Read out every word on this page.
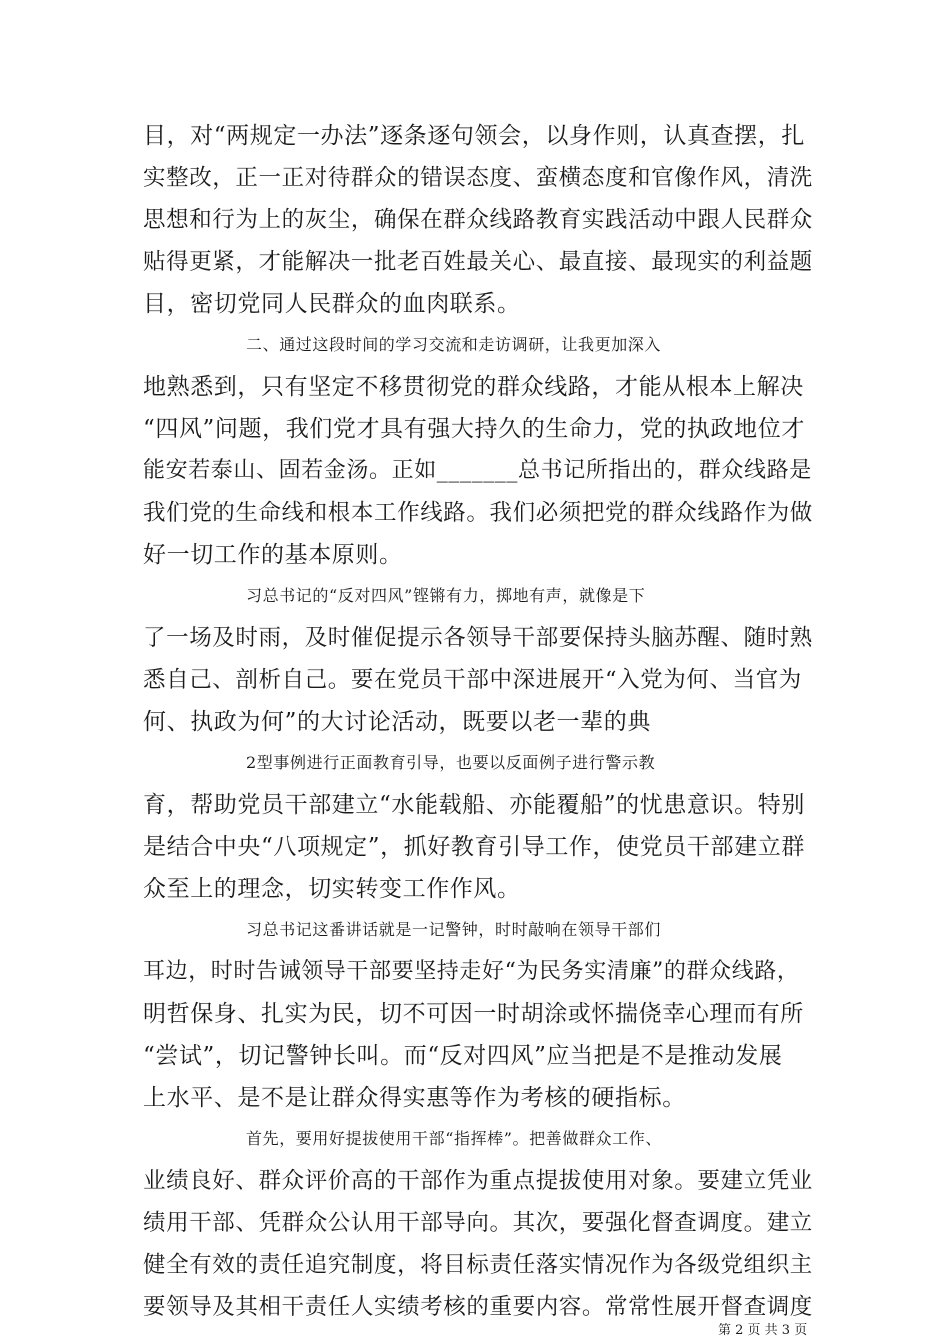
目，对“两规定一办法”逐条逐句领会，以身作则，认真查摆，扎
实整改，正一正对待群众的错误态度、蛮横态度和官像作风，清洗
思想和行为上的灰尘，确保在群众线路教育实践活动中跟人民群众
贴得更紧，才能解决一批老百姓最关心、最直接、最现实的利益题
目，密切党同人民群众的血肉联系。
二、通过这段时间的学习交流和走访调研，让我更加深入
地熟悉到，只有坚定不移贯彻党的群众线路，才能从根本上解决
“四风”问题，我们党才具有强大持久的生命力，党的执政地位才
能安若泰山、固若金汤。正如_______总书记所指出的，群众线路是
我们党的生命线和根本工作线路。我们必须把党的群众线路作为做
好一切工作的基本原则。
习总书记的“反对四风”铿锵有力，掷地有声，就像是下
了一场及时雨，及时催促提示各领导干部要保持头脑苏醒、随时熟
悉自己、剖析自己。要在党员干部中深进展开“入党为何、当官为
何、执政为何”的大讨论活动，既要以老一辈的典
2型事例进行正面教育引导，也要以反面例子进行警示教
育，帮助党员干部建立“水能载船、亦能覆船”的忧患意识。特别
是结合中央“八项规定”，抓好教育引导工作，使党员干部建立群
众至上的理念，切实转变工作作风。
习总书记这番讲话就是一记警钟，时时敲响在领导干部们
耳边，时时告诫领导干部要坚持走好“为民务实清廉”的群众线路，
明哲保身、扎实为民，切不可因一时胡涂或怀揣侥幸心理而有所
“尝试”，切记警钟长叫。而“反对四风”应当把是不是推动发展
上水平、是不是让群众得实惠等作为考核的硬指标。
首先，要用好提拔使用干部“指挥棒”。把善做群众工作、
业绩良好、群众评价高的干部作为重点提拔使用对象。要建立凭业
绩用干部、凭群众公认用干部导向。其次，要强化督查调度。建立
健全有效的责任追究制度，将目标责任落实情况作为各级党组织主
要领导及其相干责任人实绩考核的重要内容。常常性展开督查调度
第 2 页 共 3 页
